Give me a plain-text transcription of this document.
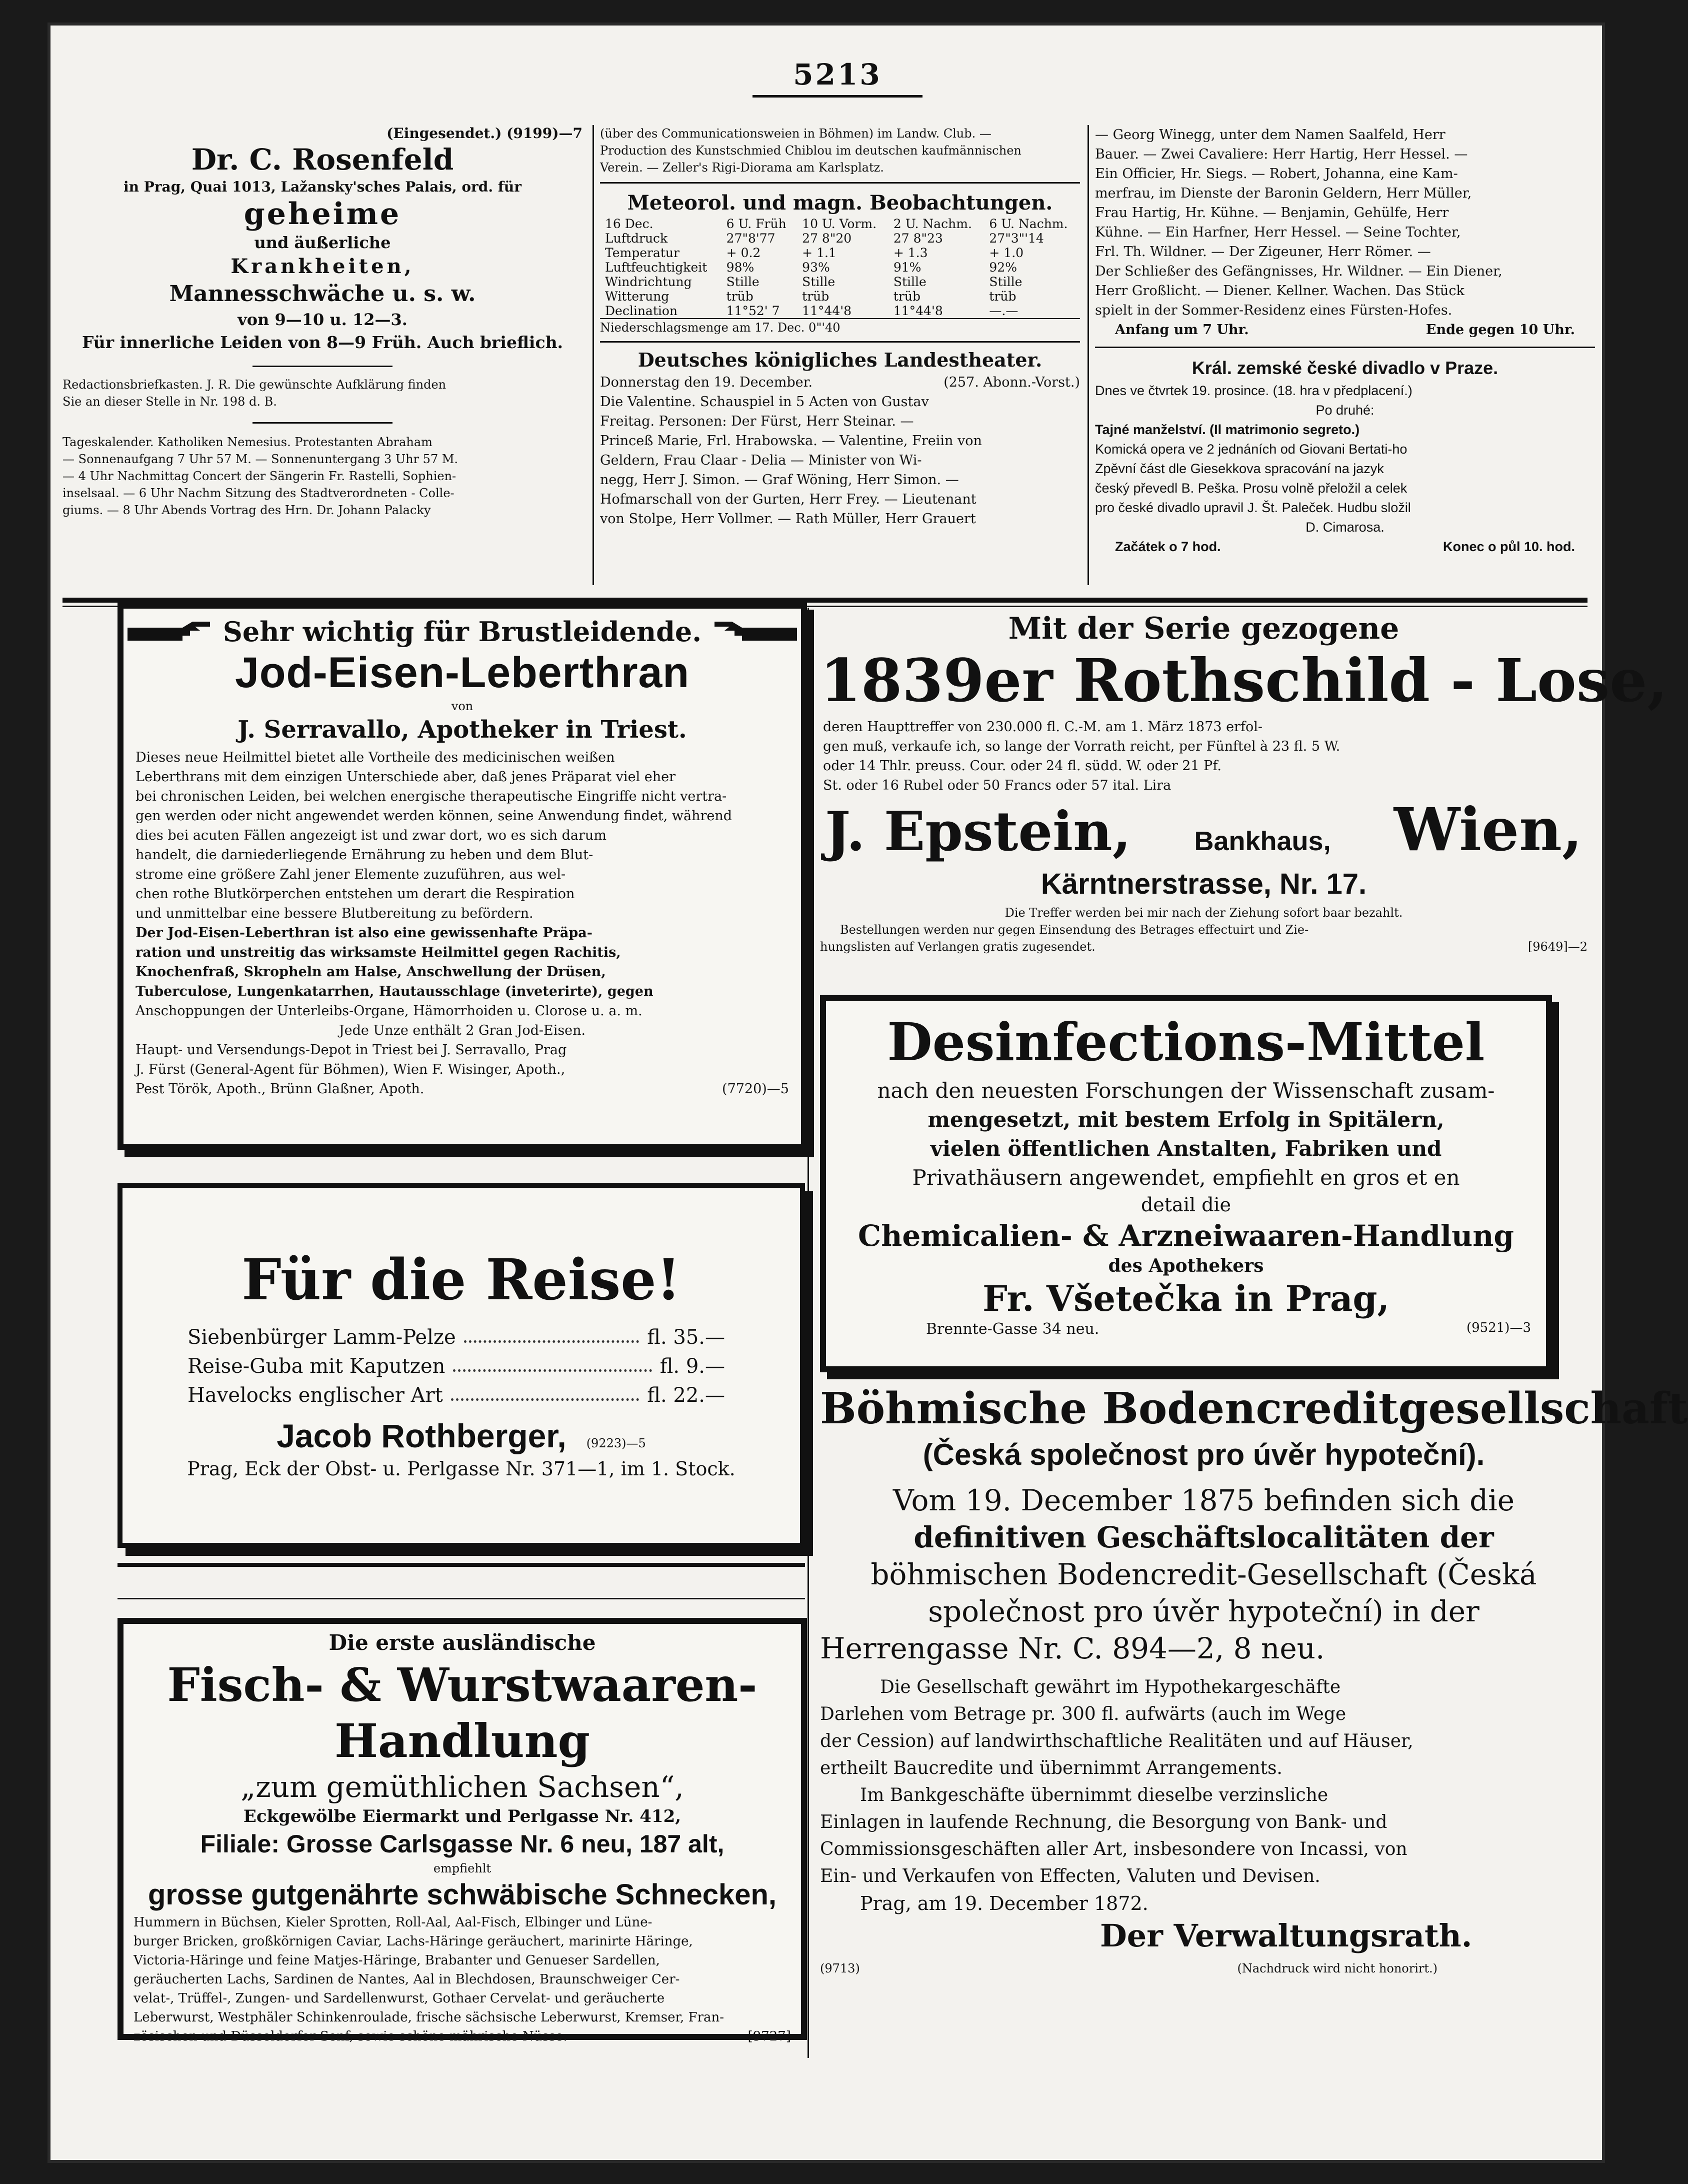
5213
(Eingesendet.) (9199)—7
Dr. C. Rosenfeld
in Prag, Quai 1013, Lažansky'sches Palais, ord. für
geheime
und äußerliche
Krankheiten,
Mannesschwäche u. s. w.
von 9—10 u. 12—3.
Für innerliche Leiden von 8—9 Früh. Auch brieflich.
Redactionsbriefkasten. J. R. Die gewünschte Aufklärung finden
Sie an dieser Stelle in Nr. 198 d. B.
Tageskalender. Katholiken Nemesius. Protestanten Abraham
— Sonnenaufgang 7 Uhr 57 M. — Sonnenuntergang 3 Uhr 57 M.
— 4 Uhr Nachmittag Concert der Sängerin Fr. Rastelli, Sophien-
inselsaal. — 6 Uhr Nachm Sitzung des Stadtverordneten - Colle-
giums. — 8 Uhr Abends Vortrag des Hrn. Dr. Johann Palacky
(über des Communicationsweien in Böhmen) im Landw. Club. —
Production des Kunstschmied Chiblou im deutschen kaufmännischen
Verein. — Zeller's Rigi-Diorama am Karlsplatz.
Meteorol. und magn. Beobachtungen.
16 Dec.	6 U. Früh	10 U. Vorm.	2 U. Nachm.	6 U. Nachm.
Luftdruck	27"8'77	27 8"20	27 8"23	27"3"'14
Temperatur	+ 0.2	+ 1.1	+ 1.3	+ 1.0
Luftfeuchtigkeit	98%	93%	91%	92%
Windrichtung	Stille	Stille	Stille	Stille
Witterung	trüb	trüb	trüb	trüb
Declination	11°52' 7	11°44'8	11°44'8	—.—
Niederschlagsmenge am 17. Dec. 0"'40
Deutsches königliches Landestheater.
Donnerstag den 19. December.	(257. Abonn.-Vorst.)
Die Valentine. Schauspiel in 5 Acten von Gustav
Freitag. Personen: Der Fürst, Herr Steinar. —
Princeß Marie, Frl. Hrabowska. — Valentine, Freiin von
Geldern, Frau Claar - Delia — Minister von Wi-
negg, Herr J. Simon. — Graf Wöning, Herr Simon. —
Hofmarschall von der Gurten, Herr Frey. — Lieutenant
von Stolpe, Herr Vollmer. — Rath Müller, Herr Grauert
— Georg Winegg, unter dem Namen Saalfeld, Herr
Bauer. — Zwei Cavaliere: Herr Hartig, Herr Hessel. —
Ein Officier, Hr. Siegs. — Robert, Johanna, eine Kam-
merfrau, im Dienste der Baronin Geldern, Herr Müller,
Frau Hartig, Hr. Kühne. — Benjamin, Gehülfe, Herr
Kühne. — Ein Harfner, Herr Hessel. — Seine Tochter,
Frl. Th. Wildner. — Der Zigeuner, Herr Römer. —
Der Schließer des Gefängnisses, Hr. Wildner. — Ein Diener,
Herr Großlicht. — Diener. Kellner. Wachen. Das Stück
spielt in der Sommer-Residenz eines Fürsten-Hofes.
Anfang um 7 Uhr.	Ende gegen 10 Uhr.
Král. zemské české divadlo v Praze.
Dnes ve čtvrtek 19. prosince. (18. hra v předplacení.)
Po druhé:
Tajné manželství. (Il matrimonio segreto.)
Komická opera ve 2 jednáních od Giovani Bertati-ho
Zpěvní část dle Giesekkova spracování na jazyk
český převedl B. Peška. Prosu volně přeložil a celek
pro české divadlo upravil J. Št. Paleček. Hudbu složil
D. Cimarosa.
Začátek o 7 hod.	Konec o půl 10. hod.
Sehr wichtig für Brustleidende.
Jod-Eisen-Leberthran
von
J. Serravallo, Apotheker in Triest.
Dieses neue Heilmittel bietet alle Vortheile des medicinischen weißen
Leberthrans mit dem einzigen Unterschiede aber, daß jenes Präparat viel eher
bei chronischen Leiden, bei welchen energische therapeutische Eingriffe nicht vertra-
gen werden oder nicht angewendet werden können, seine Anwendung findet, während
dies bei acuten Fällen angezeigt ist und zwar dort, wo es sich darum
handelt, die darniederliegende Ernährung zu heben und dem Blut-
strome eine größere Zahl jener Elemente zuzuführen, aus wel-
chen rothe Blutkörperchen entstehen um derart die Respiration
und unmittelbar eine bessere Blutbereitung zu befördern.
Der Jod-Eisen-Leberthran ist also eine gewissenhafte Präpa-
ration und unstreitig das wirksamste Heilmittel gegen Rachitis,
Knochenfraß, Skropheln am Halse, Anschwellung der Drüsen,
Tuberculose, Lungenkatarrhen, Hautausschlage (inveterirte), gegen
Anschoppungen der Unterleibs-Organe, Hämorrhoiden u. Clorose u. a. m.
Jede Unze enthält 2 Gran Jod-Eisen.
Haupt- und Versendungs-Depot in Triest bei J. Serravallo, Prag
J. Fürst (General-Agent für Böhmen), Wien F. Wisinger, Apoth.,
Pest Török, Apoth., Brünn Glaßner, Apoth.	(7720)—5
Für die Reise!
Siebenbürger Lamm-Pelze	fl. 35.—
Reise-Guba mit Kaputzen	fl. 9.—
Havelocks englischer Art	fl. 22.—
Jacob Rothberger, (9223)—5
Prag, Eck der Obst- u. Perlgasse Nr. 371—1, im 1. Stock.
Die erste ausländische
Fisch- & Wurstwaaren-Handlung
„zum gemüthlichen Sachsen“,
Eckgewölbe Eiermarkt und Perlgasse Nr. 412,
Filiale: Grosse Carlsgasse Nr. 6 neu, 187 alt,
empfiehlt
grosse gutgenährte schwäbische Schnecken,
Hummern in Büchsen, Kieler Sprotten, Roll-Aal, Aal-Fisch, Elbinger und Lüne-
burger Bricken, großkörnigen Caviar, Lachs-Häringe geräuchert, marinirte Häringe,
Victoria-Häringe und feine Matjes-Häringe, Brabanter und Genueser Sardellen,
geräucherten Lachs, Sardinen de Nantes, Aal in Blechdosen, Braunschweiger Cer-
velat-, Trüffel-, Zungen- und Sardellenwurst, Gothaer Cervelat- und geräucherte
Leberwurst, Westphäler Schinkenroulade, frische sächsische Leberwurst, Kremser, Fran-
zösischen und Düsseldorfer Senf, sowie schöne mährische Nüsse.	[9727]
Mit der Serie gezogene
1839er Rothschild - Lose,
deren Haupttreffer von 230.000 fl. C.-M. am 1. März 1873 erfol-
gen muß, verkaufe ich, so lange der Vorrath reicht, per Fünftel à 23 fl. 5 W.
oder 14 Thlr. preuss. Cour. oder 24 fl. südd. W. oder 21 Pf.
St. oder 16 Rubel oder 50 Francs oder 57 ital. Lira
J. Epstein, Bankhaus, Wien,
Kärntnerstrasse, Nr. 17.
Die Treffer werden bei mir nach der Ziehung sofort baar bezahlt.
Bestellungen werden nur gegen Einsendung des Betrages effectuirt und Zie-
hungslisten auf Verlangen gratis zugesendet.	[9649]—2
Desinfections-Mittel
nach den neuesten Forschungen der Wissenschaft zusam-
mengesetzt, mit bestem Erfolg in Spitälern,
vielen öffentlichen Anstalten, Fabriken und
Privathäusern angewendet, empfiehlt en gros et en
detail die
Chemicalien- & Arzneiwaaren-Handlung
des Apothekers
Fr. Všetečka in Prag,
Brennte-Gasse 34 neu.	(9521)—3
Böhmische Bodencreditgesellschaft
(Česká společnost pro úvěr hypoteční).
Vom 19. December 1875 befinden sich die
definitiven Geschäftslocalitäten der
böhmischen Bodencredit-Gesellschaft (Česká
společnost pro úvěr hypoteční) in der
Herrengasse Nr. C. 894—2, 8 neu.
Die Gesellschaft gewährt im Hypothekargeschäfte
Darlehen vom Betrage pr. 300 fl. aufwärts (auch im Wege
der Cession) auf landwirthschaftliche Realitäten und auf Häuser,
ertheilt Baucredite und übernimmt Arrangements.
Im Bankgeschäfte übernimmt dieselbe verzinsliche
Einlagen in laufende Rechnung, die Besorgung von Bank- und
Commissionsgeschäften aller Art, insbesondere von Incassi, von
Ein- und Verkaufen von Effecten, Valuten und Devisen.
Prag, am 19. December 1872.
Der Verwaltungsrath.
(9713)	(Nachdruck wird nicht honorirt.)
